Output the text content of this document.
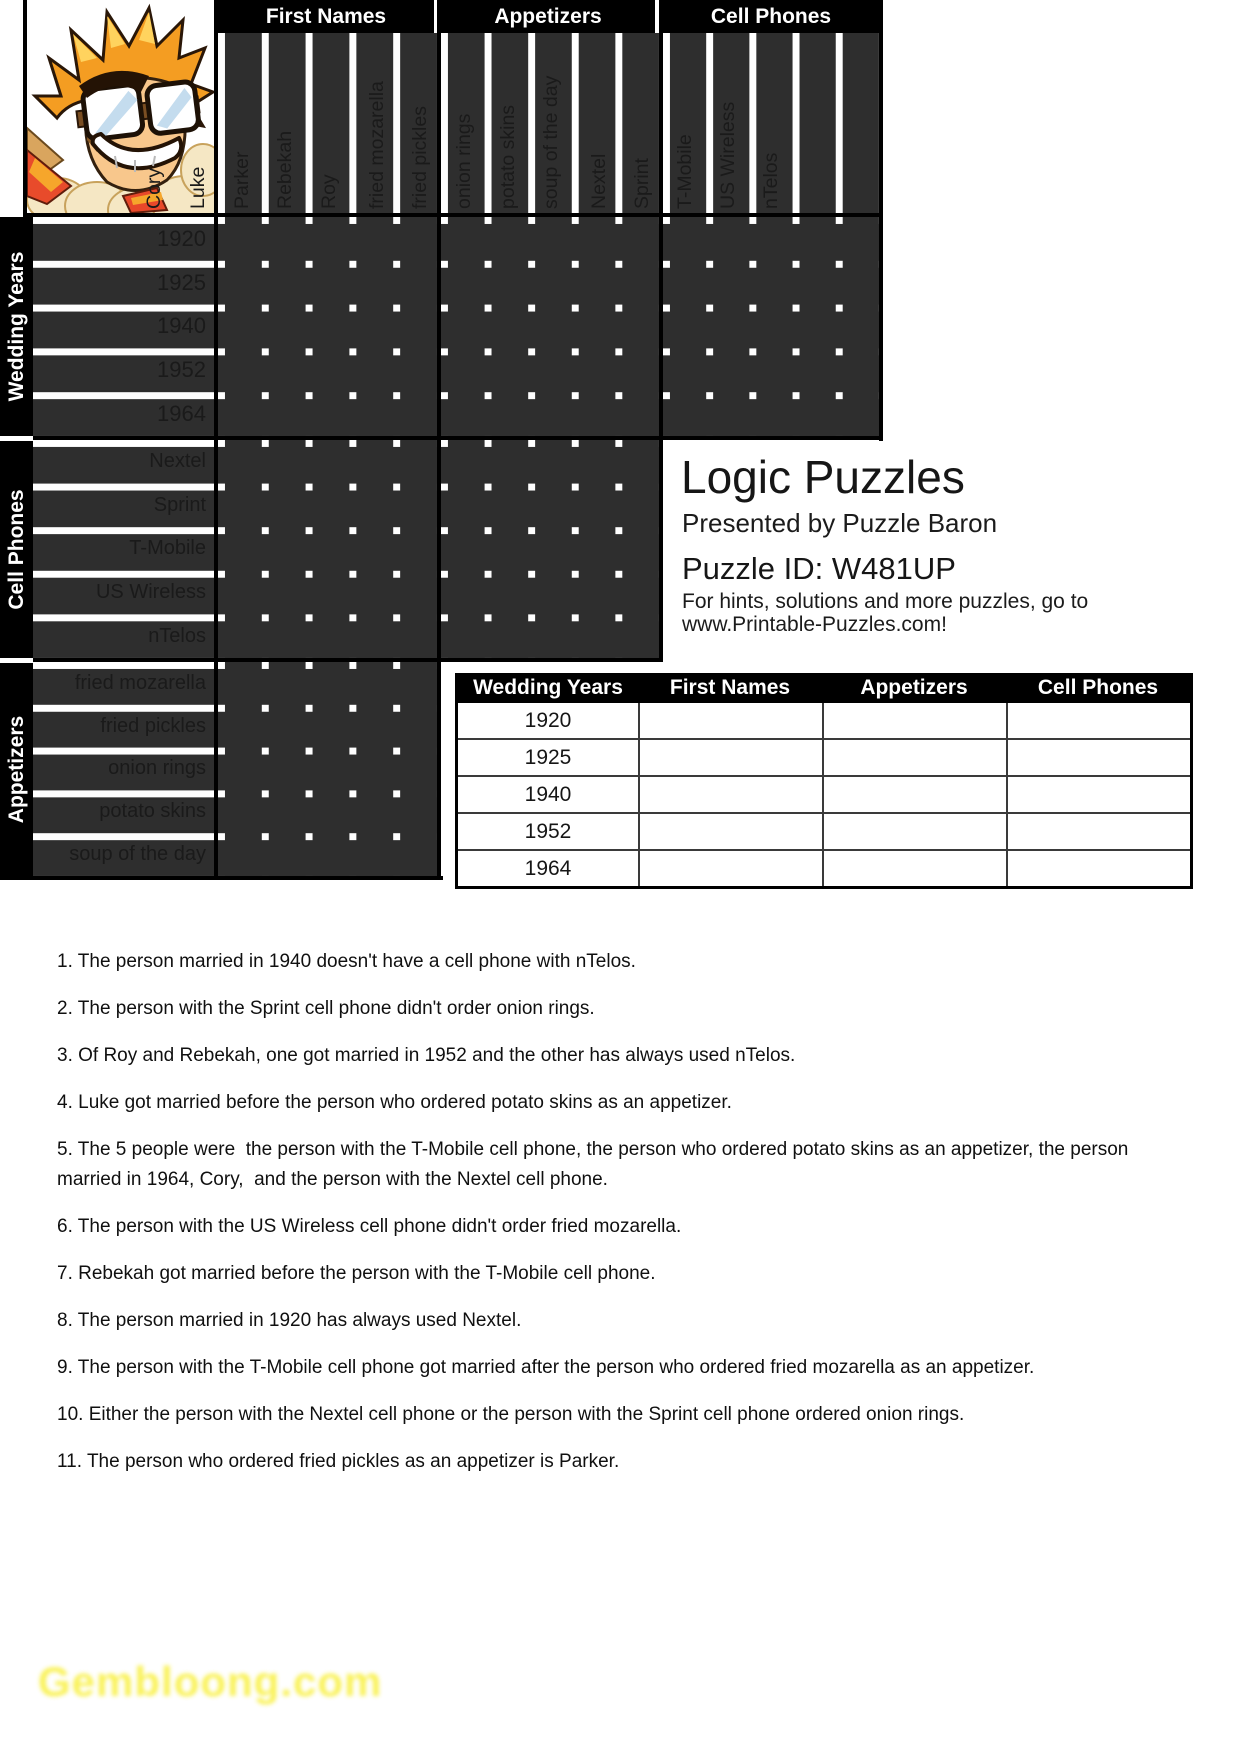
First Names	Appetizers	Cell Phones
Cory Luke Parker Rebekah Roy fried mozarella fried pickles onion rings potato skins soup of the day Nextel Sprint T-Mobile US Wireless nTelos
Wedding Years
Cell Phones
Appetizers
1920
1925
1940
1952
1964
Nextel
Sprint
T-Mobile
US Wireless
nTelos
fried mozarella
fried pickles
onion rings
potato skins
soup of the day
Logic Puzzles
Presented by Puzzle Baron
Puzzle ID: W481UP
For hints, solutions and more puzzles, go to
www.Printable-Puzzles.com!
Wedding Years	First Names	Appetizers	Cell Phones
1920
1925
1940
1952
1964

1. The person married in 1940 doesn't have a cell phone with nTelos.

2. The person with the Sprint cell phone didn't order onion rings.

3. Of Roy and Rebekah, one got married in 1952 and the other has always used nTelos.

4. Luke got married before the person who ordered potato skins as an appetizer.

5. The 5 people were  the person with the T-Mobile cell phone, the person who ordered potato skins as an appetizer, the person married in 1964, Cory,  and the person with the Nextel cell phone.

6. The person with the US Wireless cell phone didn't order fried mozarella.

7. Rebekah got married before the person with the T-Mobile cell phone.

8. The person married in 1920 has always used Nextel.

9. The person with the T-Mobile cell phone got married after the person who ordered fried mozarella as an appetizer.

10. Either the person with the Nextel cell phone or the person with the Sprint cell phone ordered onion rings.

11. The person who ordered fried pickles as an appetizer is Parker.

Gembloong.com
